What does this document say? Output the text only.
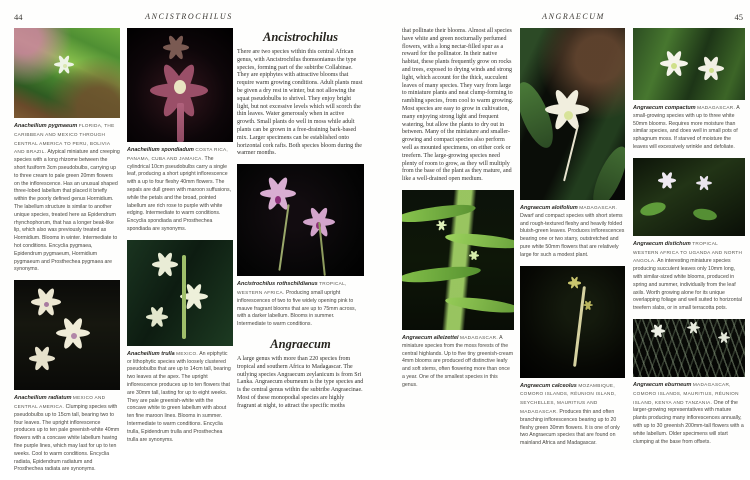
44	ANCISTROCHILUS
Anacheilium pygmaeum FLORIDA, THE CARIBBEAN AND MEXICO THROUGH CENTRAL AMERICA TO PERU, BOLIVIA AND BRAZIL. Atypical miniature and creeping species with a long rhizome between the short fusiform 3cm pseudobulbs, carrying up to three cream to pale green 20mm flowers on the inflorescence. Has an unusual shaped three-lobed labellum that placed it briefly within the poorly defined genus Hormidium. The labellum structure is similar to another unique species, treated here as Epidendrum rhynchophorum, that has a longer beak-like lip, which also was previously treated as Hormidium. Blooms in winter. Intermediate to hot conditions. Encyclia pygmaea, Epidendrum pygmaeum, Hormidium pygmaeum and Prosthechea pygmaea are synonyms.
Anacheilium radiatum MEXICO AND CENTRAL AMERICA. Clumping species with pseudobulbs up to 15cm tall, bearing two to four leaves. The upright inflorescence produces up to ten pale greenish-white 40mm flowers with a concave white labellum having fine purple lines, which may last for up to ten weeks. Cool to warm conditions. Encyclia radiata, Epidendrum radiatum and Prosthechea radiata are synonyms.
Anacheilium spondiadum COSTA RICA, PANAMA, CUBA AND JAMAICA. The cylindrical 10cm pseudobulbs carry a single leaf, producing a short upright inflorescence with a up to four fleshy 40mm flowers. The sepals are dull green with maroon suffusions, while the petals and the broad, pointed labellum are rich rose to purple with white edging. Intermediate to warm conditions. Encyclia spondiada and Prosthechea spondiada are synonyms.
Anacheilium trulla MEXICO. An epiphytic or lithophytic species with loosely clustered pseudobulbs that are up to 14cm tall, bearing two leaves at the apex. The upright inflorescence produces up to ten flowers that are 30mm tall, lasting for up to eight weeks. They are pale greenish-white with the concave white to green labellum with about ten fine maroon lines. Blooms in summer. Intermediate to warm conditions. Encyclia trulla, Epidendrum trulla and Prosthechea trulla are synonyms.
Ancistrochilus

There are two species within this central African genus, with Ancistrochilus thomsonianus the type species, forming part of the subtribe Collabinae. They are epiphytes with attractive blooms that require warm growing conditions. Adult plants must be given a dry rest in winter, but not allowing the squat pseudobulbs to shrivel. They enjoy bright light, but not excessive levels which will scorch the thin leaves. Water generously when in active growth. Small plants do well in moss while adult plants can be grown in a free-draining bark-based mix. Larger specimens can be established onto horizontal cork rafts. Both species bloom during the warmer months.

Ancistrochilus rothschildianus TROPICAL, WESTERN AFRICA. Producing small upright inflorescences of two to five widely opening pink to mauve fragrant blooms that are up to 75mm across, with a darker labellum. Blooms in summer. Intermediate to warm conditions.
Angraecum

A large genus with more than 220 species from tropical and southern Africa to Madagascar. The outlying species Angraecum zeylanicum is from Sri Lanka. Angraecum eburneum is the type species and is the central genus within the subtribe Angraecinae. Most of these monopodial species are highly fragrant at night, to attract the specific moths

ANGRAECUM	45

that pollinate their blooms. Almost all species have white and green nocturnally perfumed flowers, with a long nectar-filled spur as a reward for the pollinator. In their native habitat, these plants frequently grow on rocks and trees, exposed to drying winds and strong light, which account for the thick, succulent leaves of many species. They vary from large to miniature plants and neat clump-forming to rambling species, from cool to warm growing. Most species are easy to grow in cultivation, many enjoying strong light and frequent watering, but allow the plants to dry out in between. Many of the miniature and smaller-growing and compact species also perform well as mounted specimens, on either cork or treefern. The large-growing species need plenty of room to grow, as they will multiply from the base of the plant as they mature, and like a well-drained open medium.

Angraecum alleizettei MADAGASCAR. A miniature species from the moss forests of the central highlands. Up to five tiny greenish-cream 4mm blooms are produced off distinctive leafy and soft stems, often flowering more than once a year. One of the smallest species in this genus.
Angraecum aloifolium MADAGASCAR. Dwarf and compact species with short stems and rough-textured fleshy and heavily folded bluish-green leaves. Produces inflorescences bearing one or two starry, outstretched and pure white 50mm flowers that are relatively large for such a modest plant.
Angraecum calceolus MOZAMBIQUE, COMORO ISLANDS, RÉUNION ISLAND, SEYCHELLES, MAURITIUS AND MADAGASCAR. Produces thin and often branching inflorescences bearing up to 20 fleshy green 30mm flowers. It is one of only two Angraecum species that are found on mainland Africa and Madagascar.
Angraecum compactum MADAGASCAR. A small-growing species with up to three white 50mm blooms. Requires more moisture than similar species, and does well in small pots of sphagnum moss. If starved of moisture the leaves will excessively wrinkle and defoliate.
Angraecum distichum TROPICAL WESTERN AFRICA TO UGANDA AND NORTH ANGOLA. An interesting miniature species producing succulent leaves only 10mm long, with similar-sized white blooms, produced in spring and summer, individually from the leaf axils. Worth growing alone for its unique overlapping foliage and well suited to horizontal treefern slabs, or in small terracotta pots.
Angraecum eburneum MADAGASCAR, COMORO ISLANDS, MAURITIUS, RÉUNION ISLAND, KENYA AND TANZANIA. One of the larger-growing representatives with mature plants producing many inflorescences annually, with up to 30 greenish 200mm-tall flowers with a white labellum. Older specimens will start clumping at the base from offsets.
